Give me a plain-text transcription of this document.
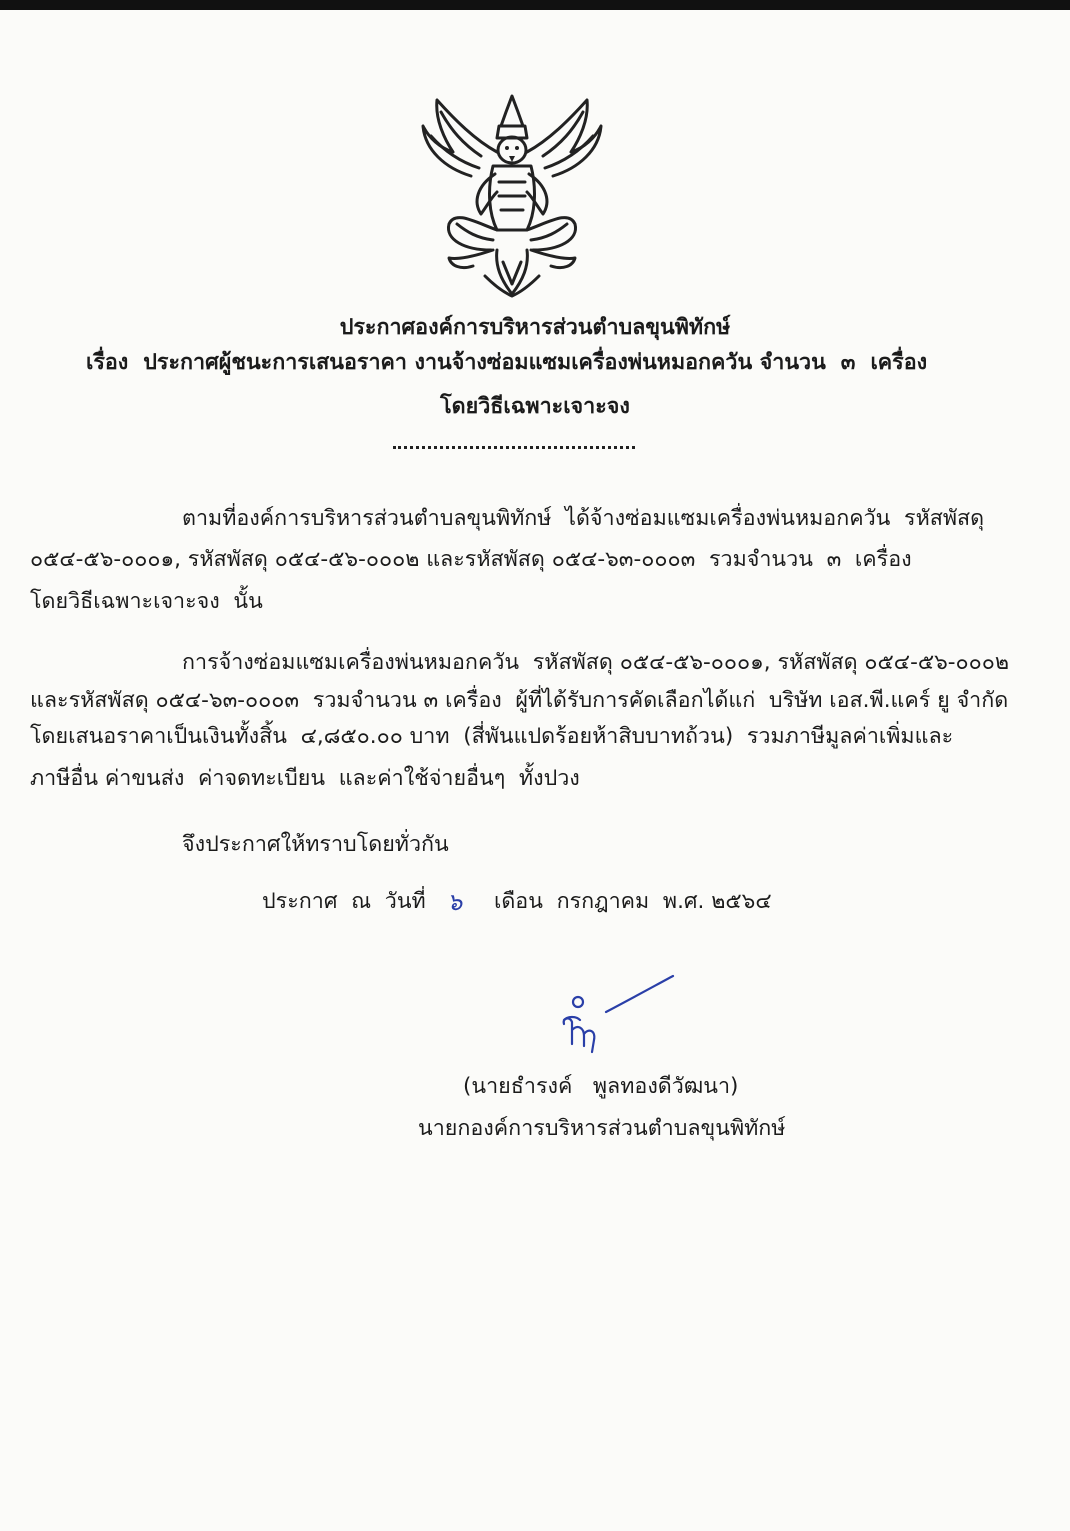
ประกาศองค์การบริหารส่วนตำบลขุนพิทักษ์
เรื่อง  ประกาศผู้ชนะการเสนอราคา งานจ้างซ่อมแซมเครื่องพ่นหมอกควัน จำนวน  ๓  เครื่อง
โดยวิธีเฉพาะเจาะจง
ตามที่องค์การบริหารส่วนตำบลขุนพิทักษ์  ได้จ้างซ่อมแซมเครื่องพ่นหมอกควัน  รหัสพัสดุ
๐๕๔-๕๖-๐๐๐๑, รหัสพัสดุ ๐๕๔-๕๖-๐๐๐๒ และรหัสพัสดุ ๐๕๔-๖๓-๐๐๐๓  รวมจำนวน  ๓  เครื่อง
โดยวิธีเฉพาะเจาะจง  นั้น
การจ้างซ่อมแซมเครื่องพ่นหมอกควัน  รหัสพัสดุ ๐๕๔-๕๖-๐๐๐๑, รหัสพัสดุ ๐๕๔-๕๖-๐๐๐๒
และรหัสพัสดุ ๐๕๔-๖๓-๐๐๐๓  รวมจำนวน ๓ เครื่อง  ผู้ที่ได้รับการคัดเลือกได้แก่  บริษัท เอส.พี.แคร์ ยู จำกัด
โดยเสนอราคาเป็นเงินทั้งสิ้น  ๔,๘๕๐.๐๐ บาท  (สี่พันแปดร้อยห้าสิบบาทถ้วน)  รวมภาษีมูลค่าเพิ่มและ
ภาษีอื่น ค่าขนส่ง  ค่าจดทะเบียน  และค่าใช้จ่ายอื่นๆ  ทั้งปวง
จึงประกาศให้ทราบโดยทั่วกัน
ประกาศ  ณ  วันที่ ๖ เดือน  กรกฎาคม  พ.ศ. ๒๕๖๔
(นายธำรงค์   พูลทองดีวัฒนา)
นายกองค์การบริหารส่วนตำบลขุนพิทักษ์
